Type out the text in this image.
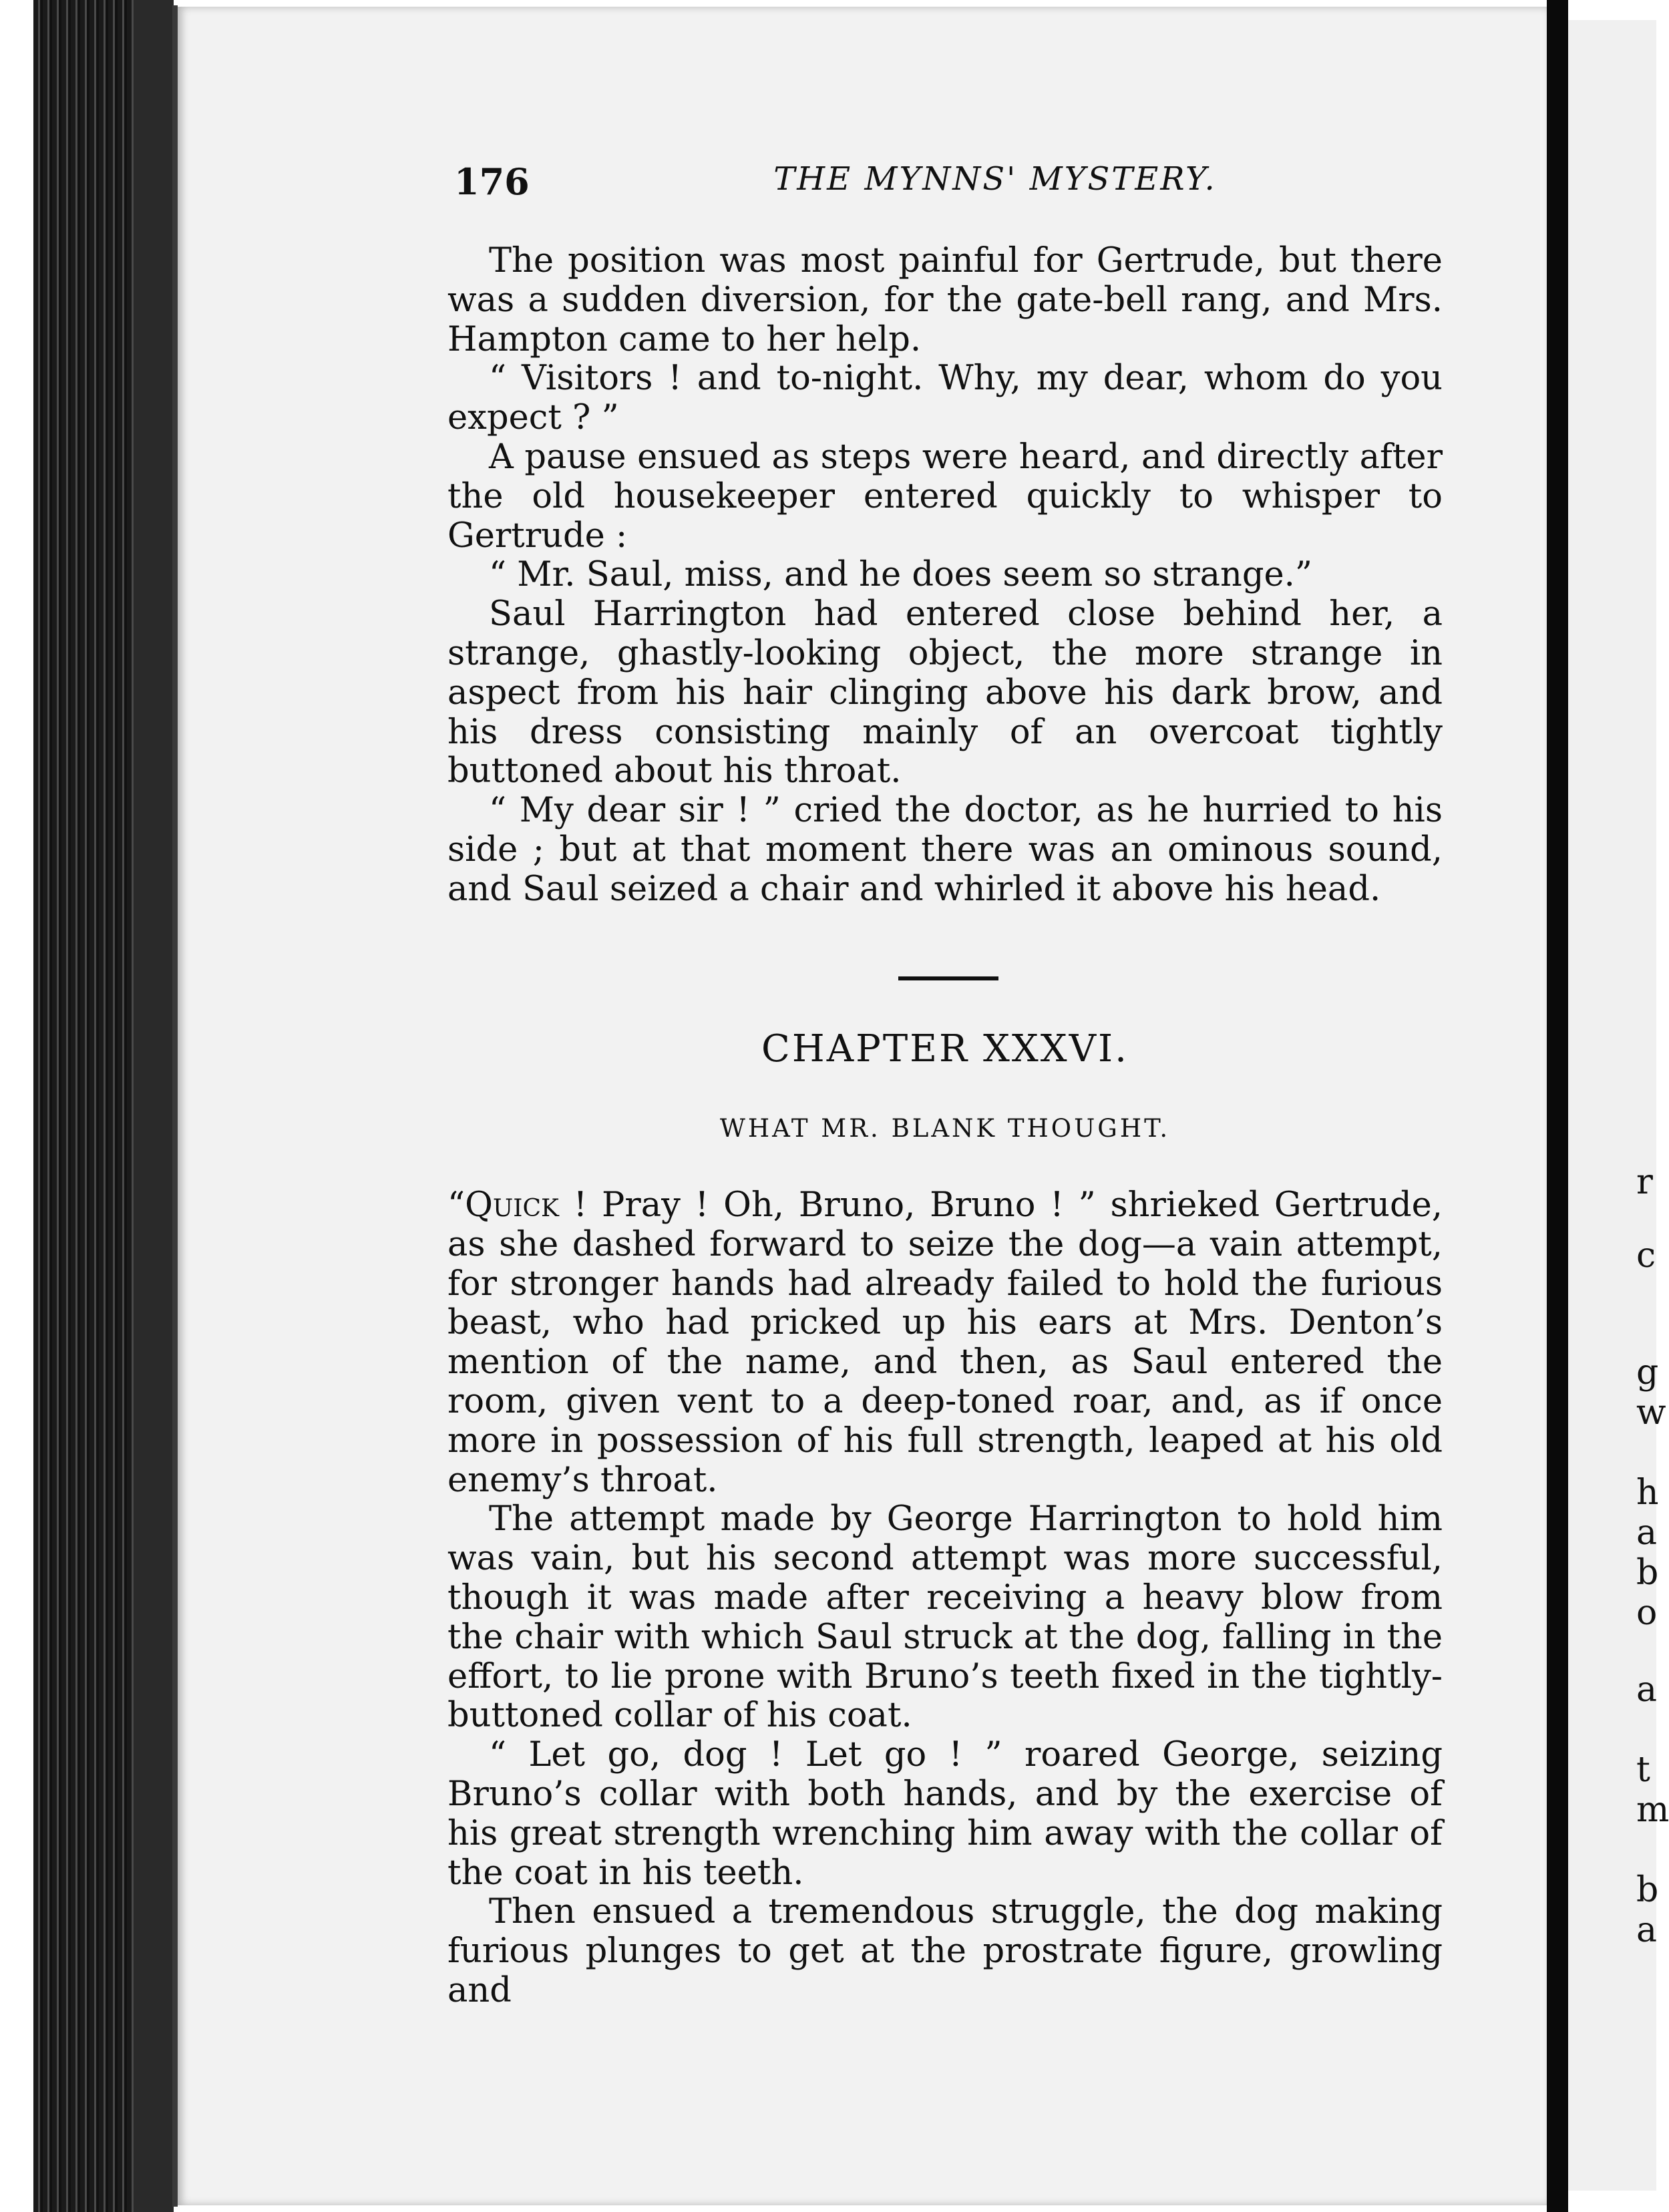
r
c
g
w
h
a
b
o
a
t
m
b
a
176	THE MYNNS' MYSTERY.

The position was most painful for Gertrude, but there was a sudden diversion, for the gate-bell rang, and Mrs. Hampton came to her help.

“ Visitors ! and to-night. Why, my dear, whom do you expect ? ”

A pause ensued as steps were heard, and directly after the old housekeeper entered quickly to whisper to Gertrude :

“ Mr. Saul, miss, and he does seem so strange.”

Saul Harrington had entered close behind her, a strange, ghastly-looking object, the more strange in aspect from his hair clinging above his dark brow, and his dress consisting mainly of an overcoat tightly buttoned about his throat.

“ My dear sir ! ” cried the doctor, as he hurried to his side ; but at that moment there was an ominous sound, and Saul seized a chair and whirled it above his head.

CHAPTER XXXVI.
WHAT MR. BLANK THOUGHT.

“Quick ! Pray ! Oh, Bruno, Bruno ! ” shrieked Gertrude, as she dashed forward to seize the dog—a vain attempt, for stronger hands had already failed to hold the furious beast, who had pricked up his ears at Mrs. Denton’s mention of the name, and then, as Saul entered the room, given vent to a deep-toned roar, and, as if once more in possession of his full strength, leaped at his old enemy’s throat.

The attempt made by George Harrington to hold him was vain, but his second attempt was more successful, though it was made after receiving a heavy blow from the chair with which Saul struck at the dog, falling in the effort, to lie prone with Bruno’s teeth fixed in the tightly-buttoned collar of his coat.

“ Let go, dog ! Let go ! ” roared George, seizing Bruno’s collar with both hands, and by the exercise of his great strength wrenching him away with the collar of the coat in his teeth.

Then ensued a tremendous struggle, the dog making furious plunges to get at the prostrate figure, growling and
